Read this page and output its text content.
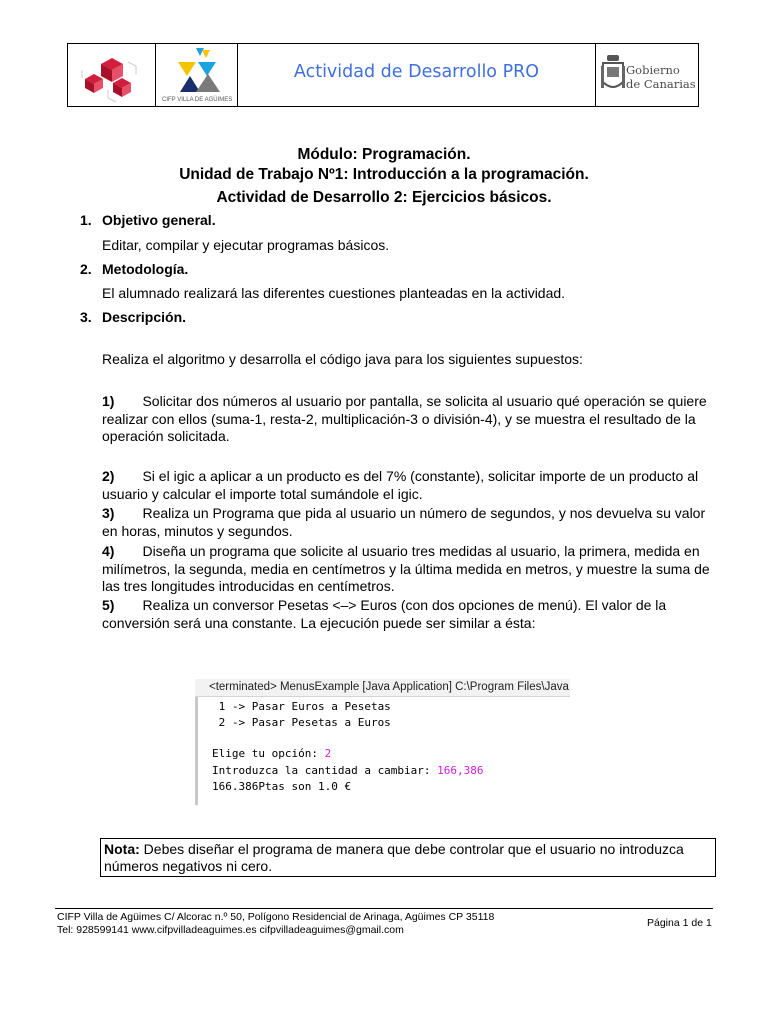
CIFP VILLA DE AGÜIMES
Actividad de Desarrollo PRO	Gobierno
de Canarias
Módulo: Programación.
Unidad de Trabajo Nº1: Introducción a la programación.
Actividad de Desarrollo 2: Ejercicios básicos.
1. Objetivo general.
Editar, compilar y ejecutar programas básicos.
2. Metodología.
El alumnado realizará las diferentes cuestiones planteadas en la actividad.
3. Descripción.
Realiza el algoritmo y desarrolla el código java para los siguientes supuestos:
1) Solicitar dos números al usuario por pantalla, se solicita al usuario qué operación se quiere realizar con ellos (suma-1, resta-2, multiplicación-3 o división-4), y se muestra el resultado de la operación solicitada.
2) Si el igic a aplicar a un producto es del 7% (constante), solicitar importe de un producto al usuario y calcular el importe total sumándole el igic.
3) Realiza un Programa que pida al usuario un número de segundos, y nos devuelva su valor en horas, minutos y segundos.
4) Diseña un programa que solicite al usuario tres medidas al usuario, la primera, medida en milímetros, la segunda, media en centímetros y la última medida en metros, y muestre la suma de las tres longitudes introducidas en centímetros.
5) Realiza un conversor Pesetas <–> Euros (con dos opciones de menú). El valor de la conversión será una constante. La ejecución puede ser similar a ésta:
<terminated> MenusExample [Java Application] C:\Program Files\Java
1 -> Pasar Euros a Pesetas
2 -> Pasar Pesetas a Euros
Elige tu opción: 2
Introduzca la cantidad a cambiar: 166,386
166.386Ptas son 1.0 €
Nota: Debes diseñar el programa de manera que debe controlar que el usuario no introduzca números negativos ni cero.
CIFP Villa de Agüimes C/ Alcorac n.º 50, Polígono Residencial de Arinaga, Agüimes CP 35118
Tel: 928599141 www.cifpvilladeaguimes.es cifpvilladeaguimes@gmail.com
Página 1 de 1
